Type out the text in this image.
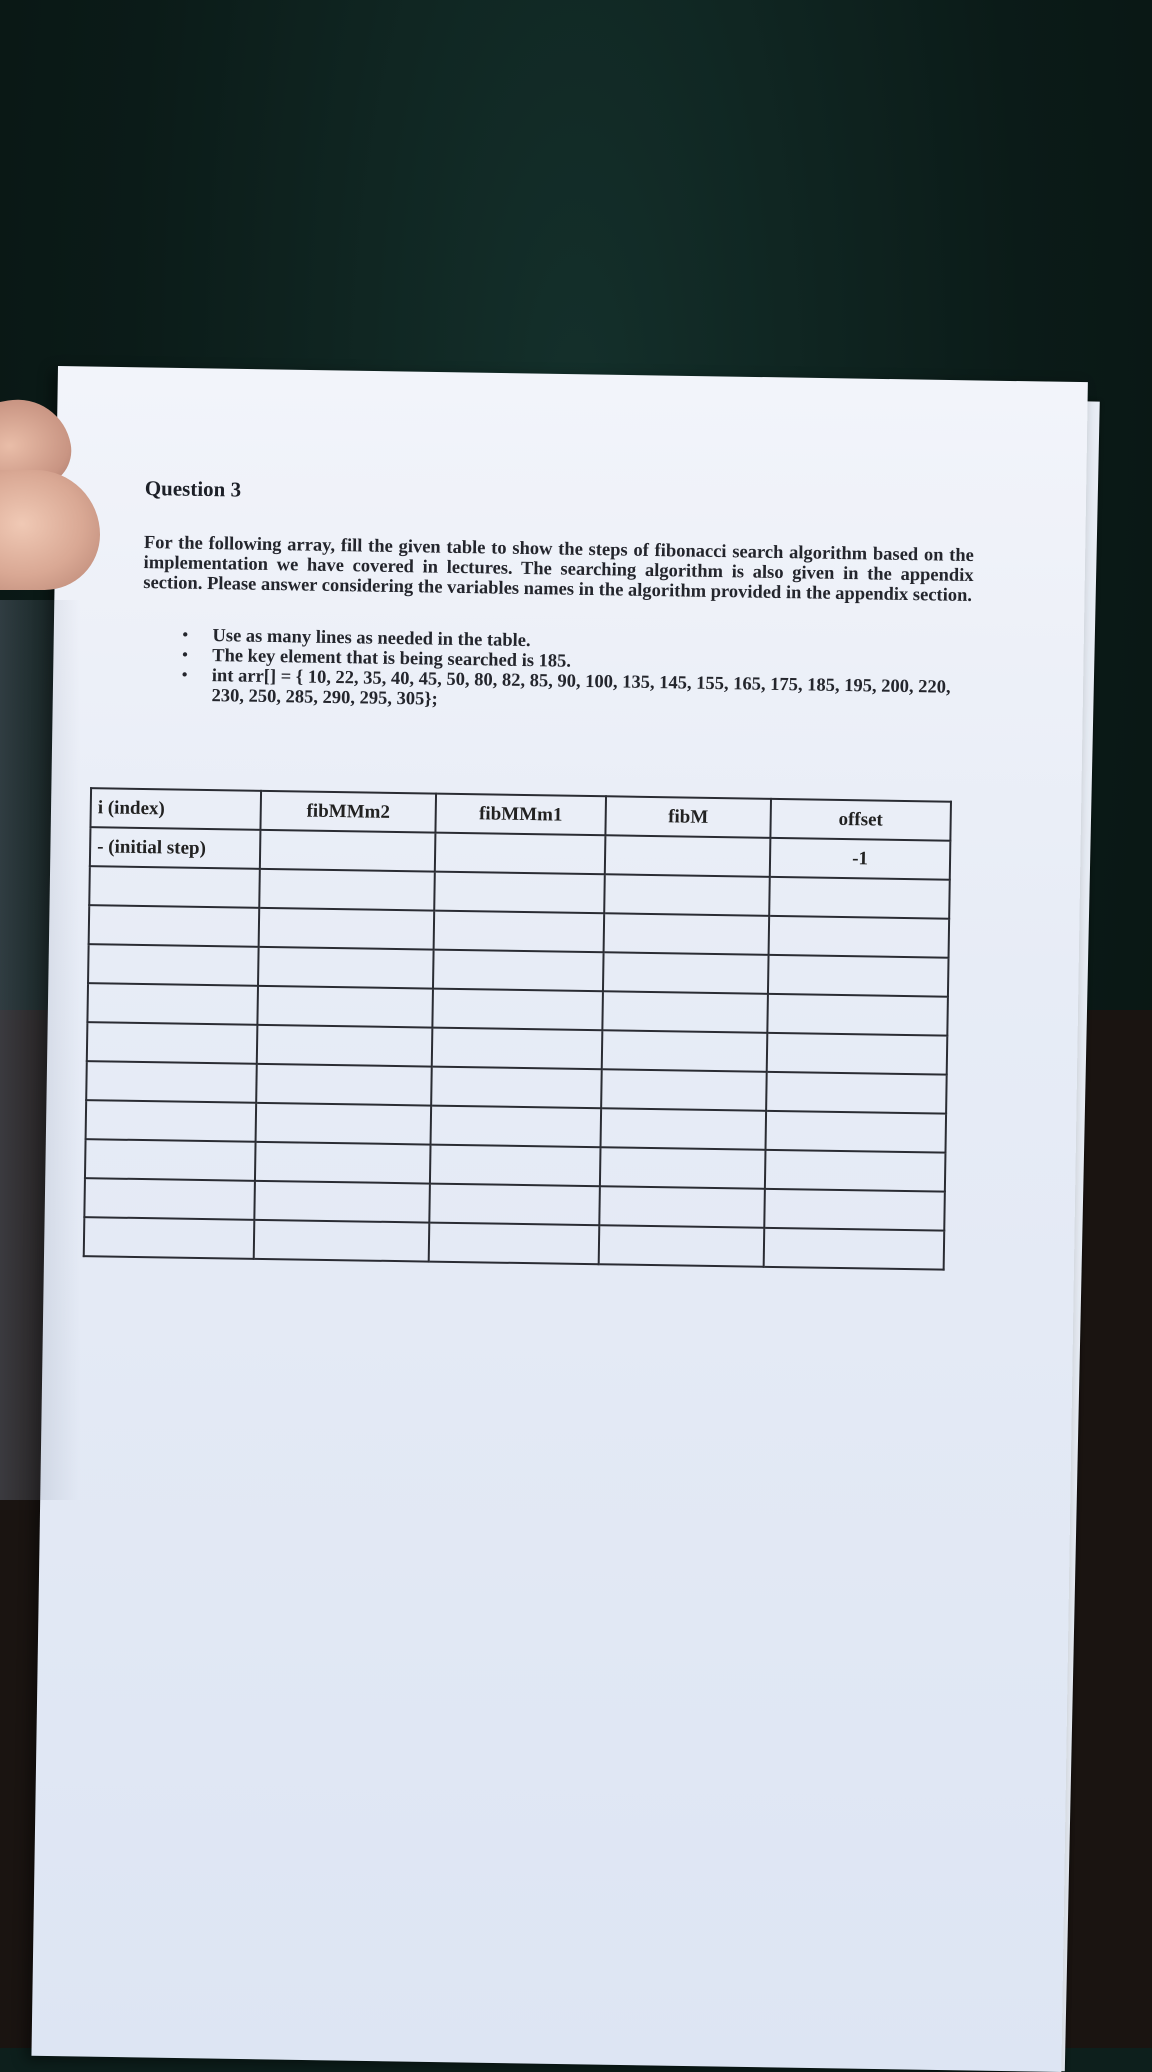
Question 3
For the following array, fill the given table to show the steps of fibonacci search algorithm based on the implementation we have covered in lectures. The searching algorithm is also given in the appendix section. Please answer considering the variables names in the algorithm provided in the appendix section.
• Use as many lines as needed in the table.
• The key element that is being searched is 185.
• int arr[] = { 10, 22, 35, 40, 45, 50, 80, 82, 85, 90, 100, 135, 145, 155, 165, 175, 185, 195, 200, 220, 230, 250, 285, 290, 295, 305};
i (index)	fibMMm2	fibMMm1	fibM	offset
- (initial step)				-1
